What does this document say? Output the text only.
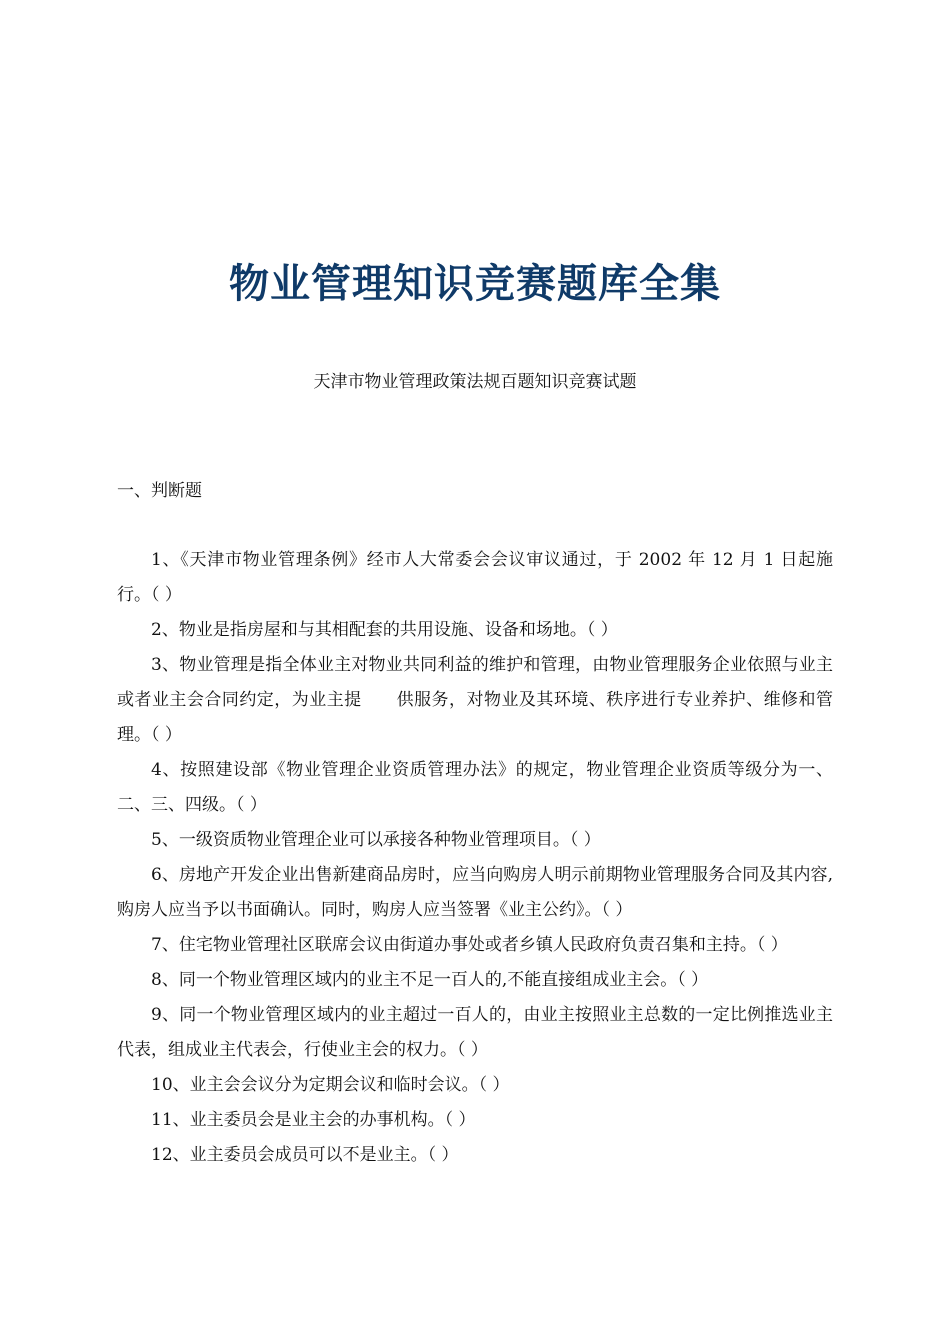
物业管理知识竞赛题库全集
天津市物业管理政策法规百题知识竞赛试题
一、判断题

1、《天津市物业管理条例》经市人大常委会会议审议通过，于 2002 年 12 月 1 日起施行。（ ）

2、物业是指房屋和与其相配套的共用设施、设备和场地。（ ）

3、物业管理是指全体业主对物业共同利益的维护和管理，由物业管理服务企业依照与业主或者业主会合同约定，为业主提　　供服务，对物业及其环境、秩序进行专业养护、维修和管理。（ ）

4、按照建设部《物业管理企业资质管理办法》的规定，物业管理企业资质等级分为一、二、三、四级。（ ）

5、一级资质物业管理企业可以承接各种物业管理项目。（ ）

6、房地产开发企业出售新建商品房时，应当向购房人明示前期物业管理服务合同及其内容,购房人应当予以书面确认。同时，购房人应当签署《业主公约》。（ ）

7、住宅物业管理社区联席会议由街道办事处或者乡镇人民政府负责召集和主持。（ ）

8、同一个物业管理区域内的业主不足一百人的,不能直接组成业主会。（ ）

9、同一个物业管理区域内的业主超过一百人的，由业主按照业主总数的一定比例推选业主代表，组成业主代表会，行使业主会的权力。（ ）

10、业主会会议分为定期会议和临时会议。（ ）

11、业主委员会是业主会的办事机构。（ ）

12、业主委员会成员可以不是业主。（ ）
